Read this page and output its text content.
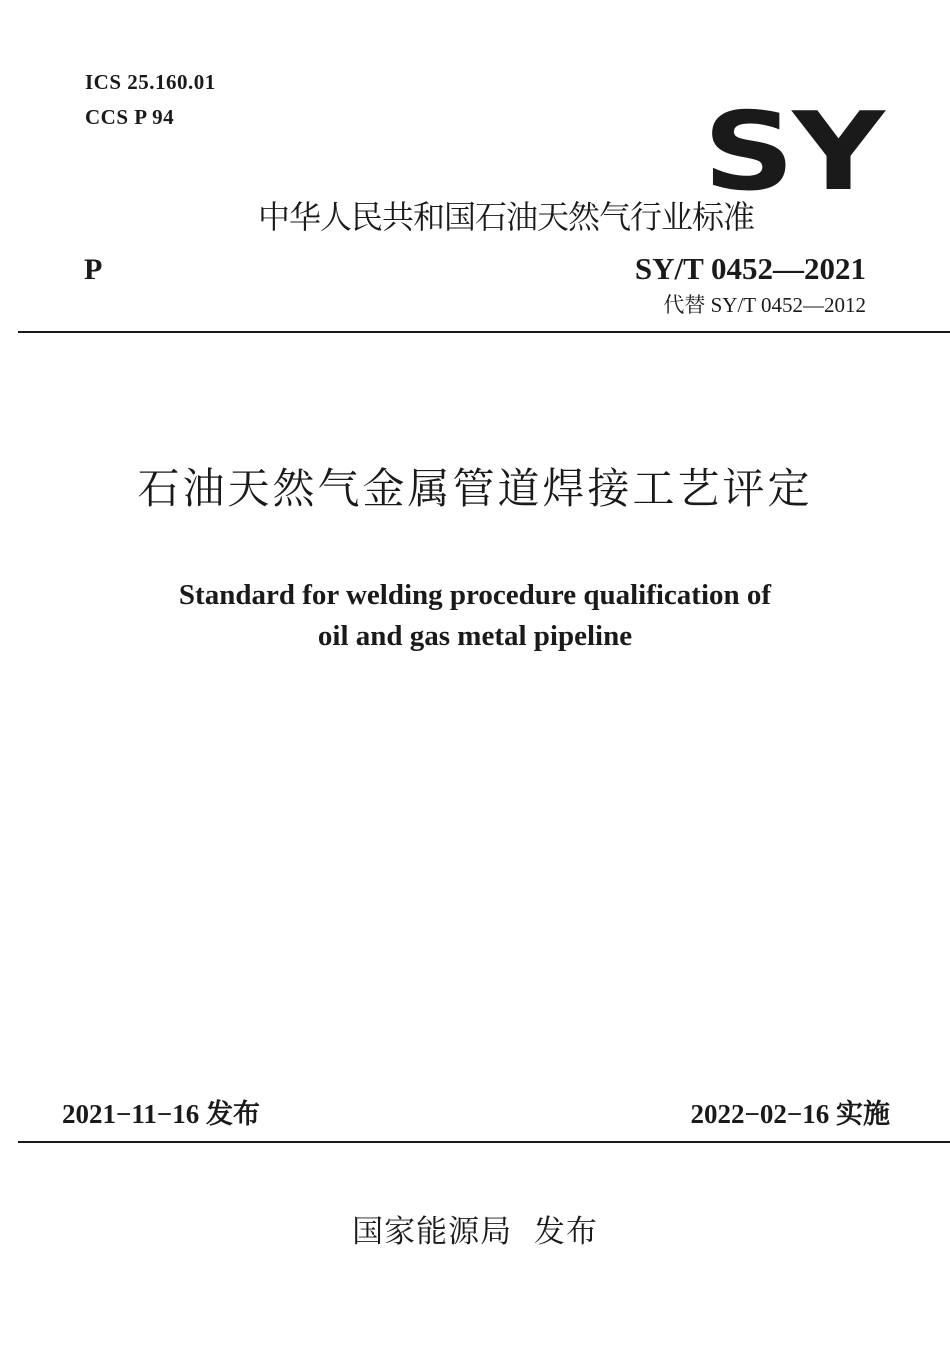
ICS 25.160.01
CCS P 94	SY
中华人民共和国石油天然气行业标准
P	SY/T 0452—2021
代替 SY/T 0452—2012
石油天然气金属管道焊接工艺评定
Standard for welding procedure qualification of
oil and gas metal pipeline
2021−11−16 发布	2022−02−16 实施
国家能源局  发布
